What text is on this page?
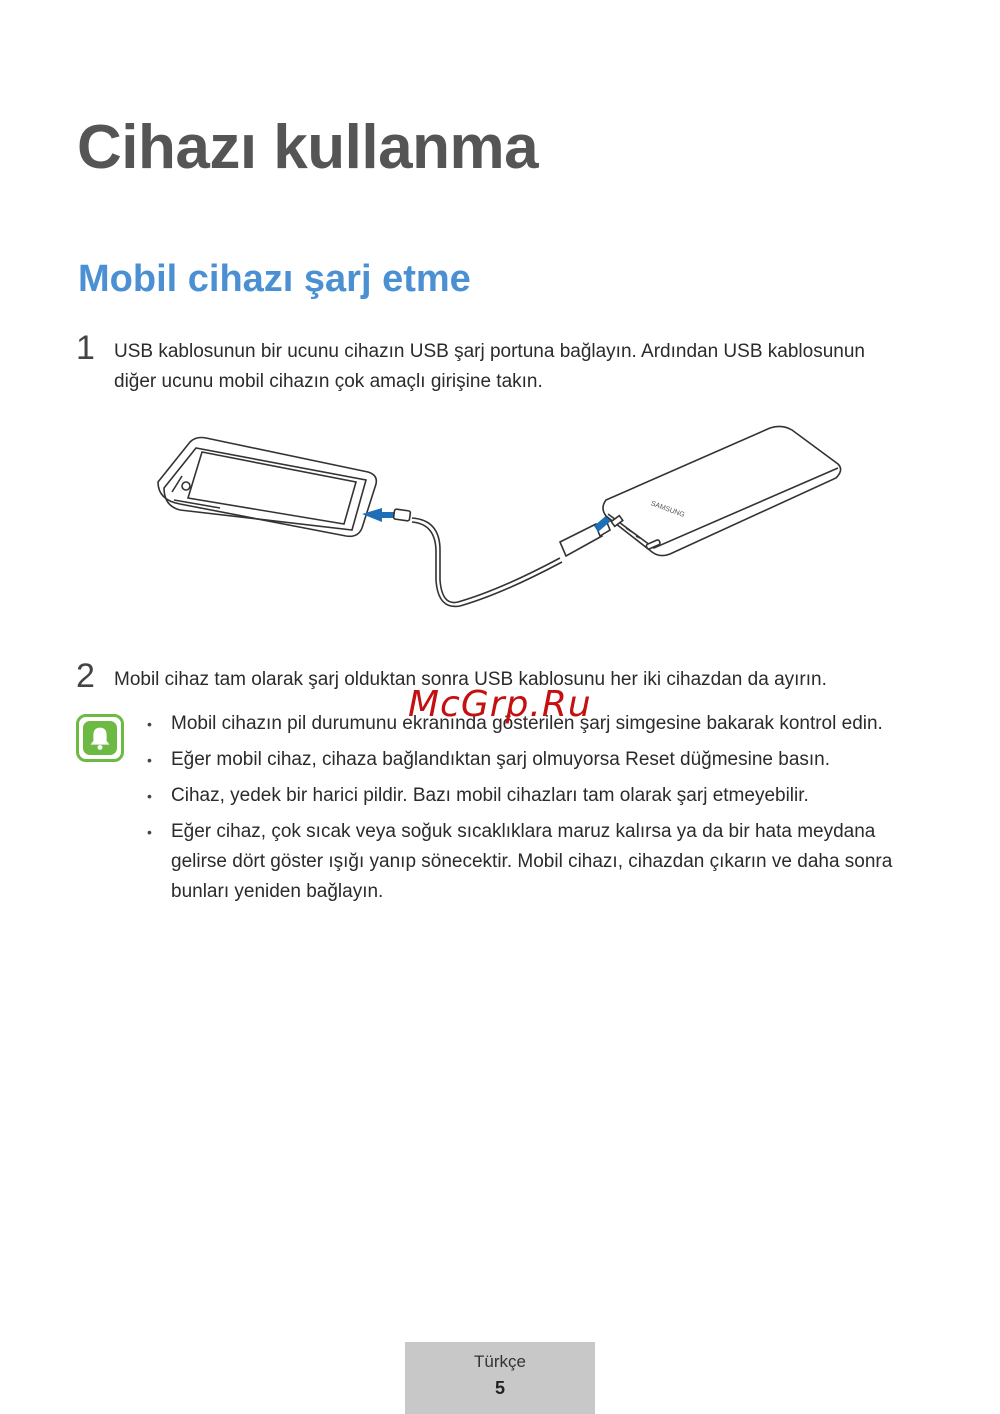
Cihazı kullanma
Mobil cihazı şarj etme
1 USB kablosunun bir ucunu cihazın USB şarj portuna bağlayın. Ardından USB kablosunun diğer ucunu mobil cihazın çok amaçlı girişine takın.
SAMSUNG
2 Mobil cihaz tam olarak şarj olduktan sonra USB kablosunu her iki cihazdan da ayırın.
• Mobil cihazın pil durumunu ekranında gösterilen şarj simgesine bakarak kontrol edin.
• Eğer mobil cihaz, cihaza bağlandıktan şarj olmuyorsa Reset düğmesine basın.
• Cihaz, yedek bir harici pildir. Bazı mobil cihazları tam olarak şarj etmeyebilir.
• Eğer cihaz, çok sıcak veya soğuk sıcaklıklara maruz kalırsa ya da bir hata meydana gelirse dört göster ışığı yanıp sönecektir. Mobil cihazı, cihazdan çıkarın ve daha sonra bunları yeniden bağlayın.
McGrp.Ru
Türkçe
5
